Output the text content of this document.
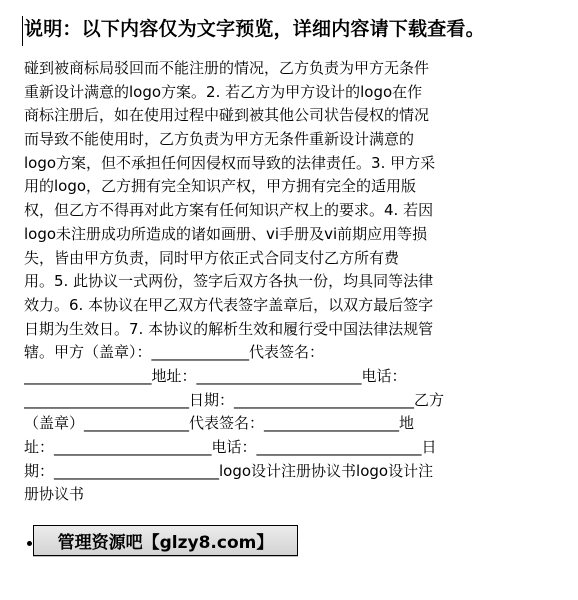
说明：以下内容仅为文字预览，详细内容请下载查看。
碰到被商标局驳回而不能注册的情况，乙方负责为甲方无条件
重新设计满意的logo方案。2. 若乙方为甲方设计的logo在作
商标注册后，如在使用过程中碰到被其他公司状告侵权的情况
而导致不能使用时，乙方负责为甲方无条件重新设计满意的
logo方案，但不承担任何因侵权而导致的法律责任。3. 甲方采
用的logo，乙方拥有完全知识产权，甲方拥有完全的适用版
权，但乙方不得再对此方案有任何知识产权上的要求。4. 若因
logo未注册成功所造成的诸如画册、vi手册及vi前期应用等损
失，皆由甲方负责，同时甲方依正式合同支付乙方所有费
用。5. 此协议一式两份，签字后双方各执一份，均具同等法律
效力。6. 本协议在甲乙双方代表签字盖章后，以双方最后签字
日期为生效日。7. 本协议的解析生效和履行受中国法律法规管
辖。甲方（盖章）：_____________代表签名：
_________________地址：______________________电话：
______________________日期：________________________乙方
（盖章）______________代表签名：__________________地
址：_____________________电话：______________________日
期：______________________logo设计注册协议书logo设计注
册协议书
管理资源吧【glzy8.com】
